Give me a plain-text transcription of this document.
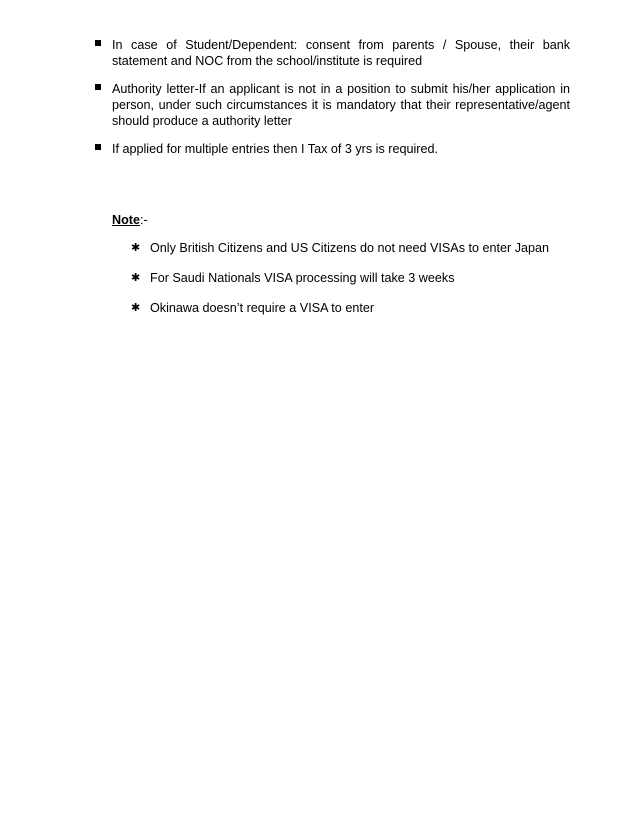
In case of Student/Dependent: consent from parents / Spouse, their bank statement and NOC from the school/institute is required
Authority letter-If an applicant is not in a position to submit his/her application in person, under such circumstances it is mandatory that their representative/agent should produce a authority letter
If applied for multiple entries then I Tax of 3 yrs is required.
Note:-
✱ Only British Citizens and US Citizens do not need VISAs to enter Japan
✱ For Saudi Nationals VISA processing will take 3 weeks
✱ Okinawa doesn’t require a VISA to enter
